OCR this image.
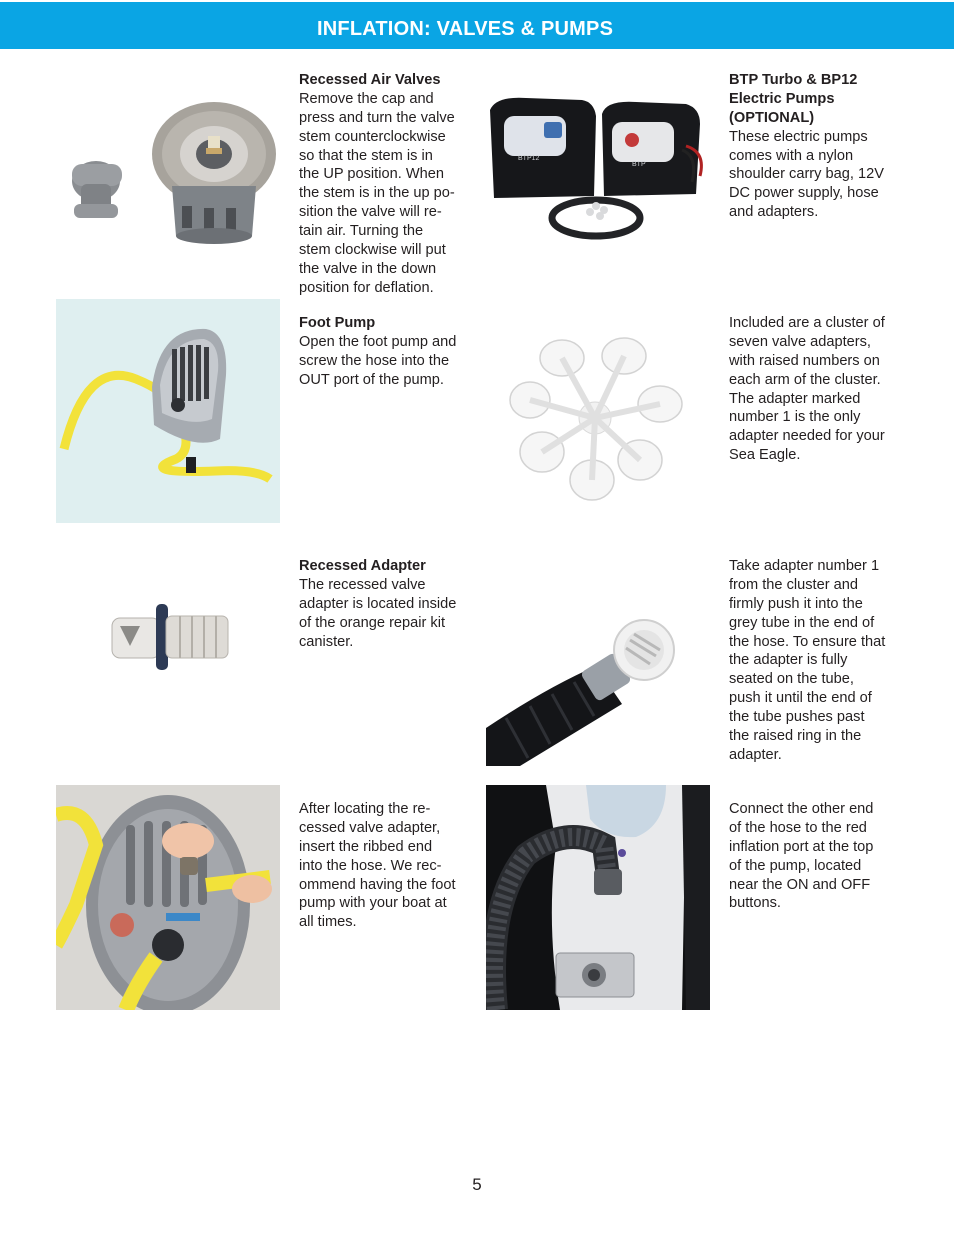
INFLATION: VALVES & PUMPS

Recessed Air Valves
Remove the cap and
press and turn the valve
stem counterclockwise
so that the stem is in
the UP position. When
the stem is in the up po-
sition the valve will re-
tain air. Turning the
stem clockwise will put
the valve in the down
position for deflation.

BTP12
BTP

BTP Turbo & BP12
Electric Pumps
(OPTIONAL)
These electric pumps
comes with a nylon
shoulder carry bag, 12V
DC power supply, hose
and adapters.

Foot Pump
Open the foot pump and
screw the hose into the
OUT port of the pump.

Included are a cluster of
seven valve adapters,
with raised numbers on
each arm of the cluster.
The adapter marked
number 1 is the only
adapter needed for your
Sea Eagle.

Recessed Adapter
The recessed valve
adapter is located inside
of the orange repair kit
canister.

Take adapter number 1
from the cluster and
firmly push it into the
grey tube in the end of
the hose. To ensure that
the adapter is fully
seated on the tube,
push it until the end of
the tube pushes past
the raised ring in the
adapter.

After locating the re-
cessed valve adapter,
insert the ribbed end
into the hose. We rec-
ommend having the foot
pump with your boat at
all times.

Connect the other end
of the hose to the red
inflation port at the top
of the pump, located
near the ON and OFF
buttons.

5
